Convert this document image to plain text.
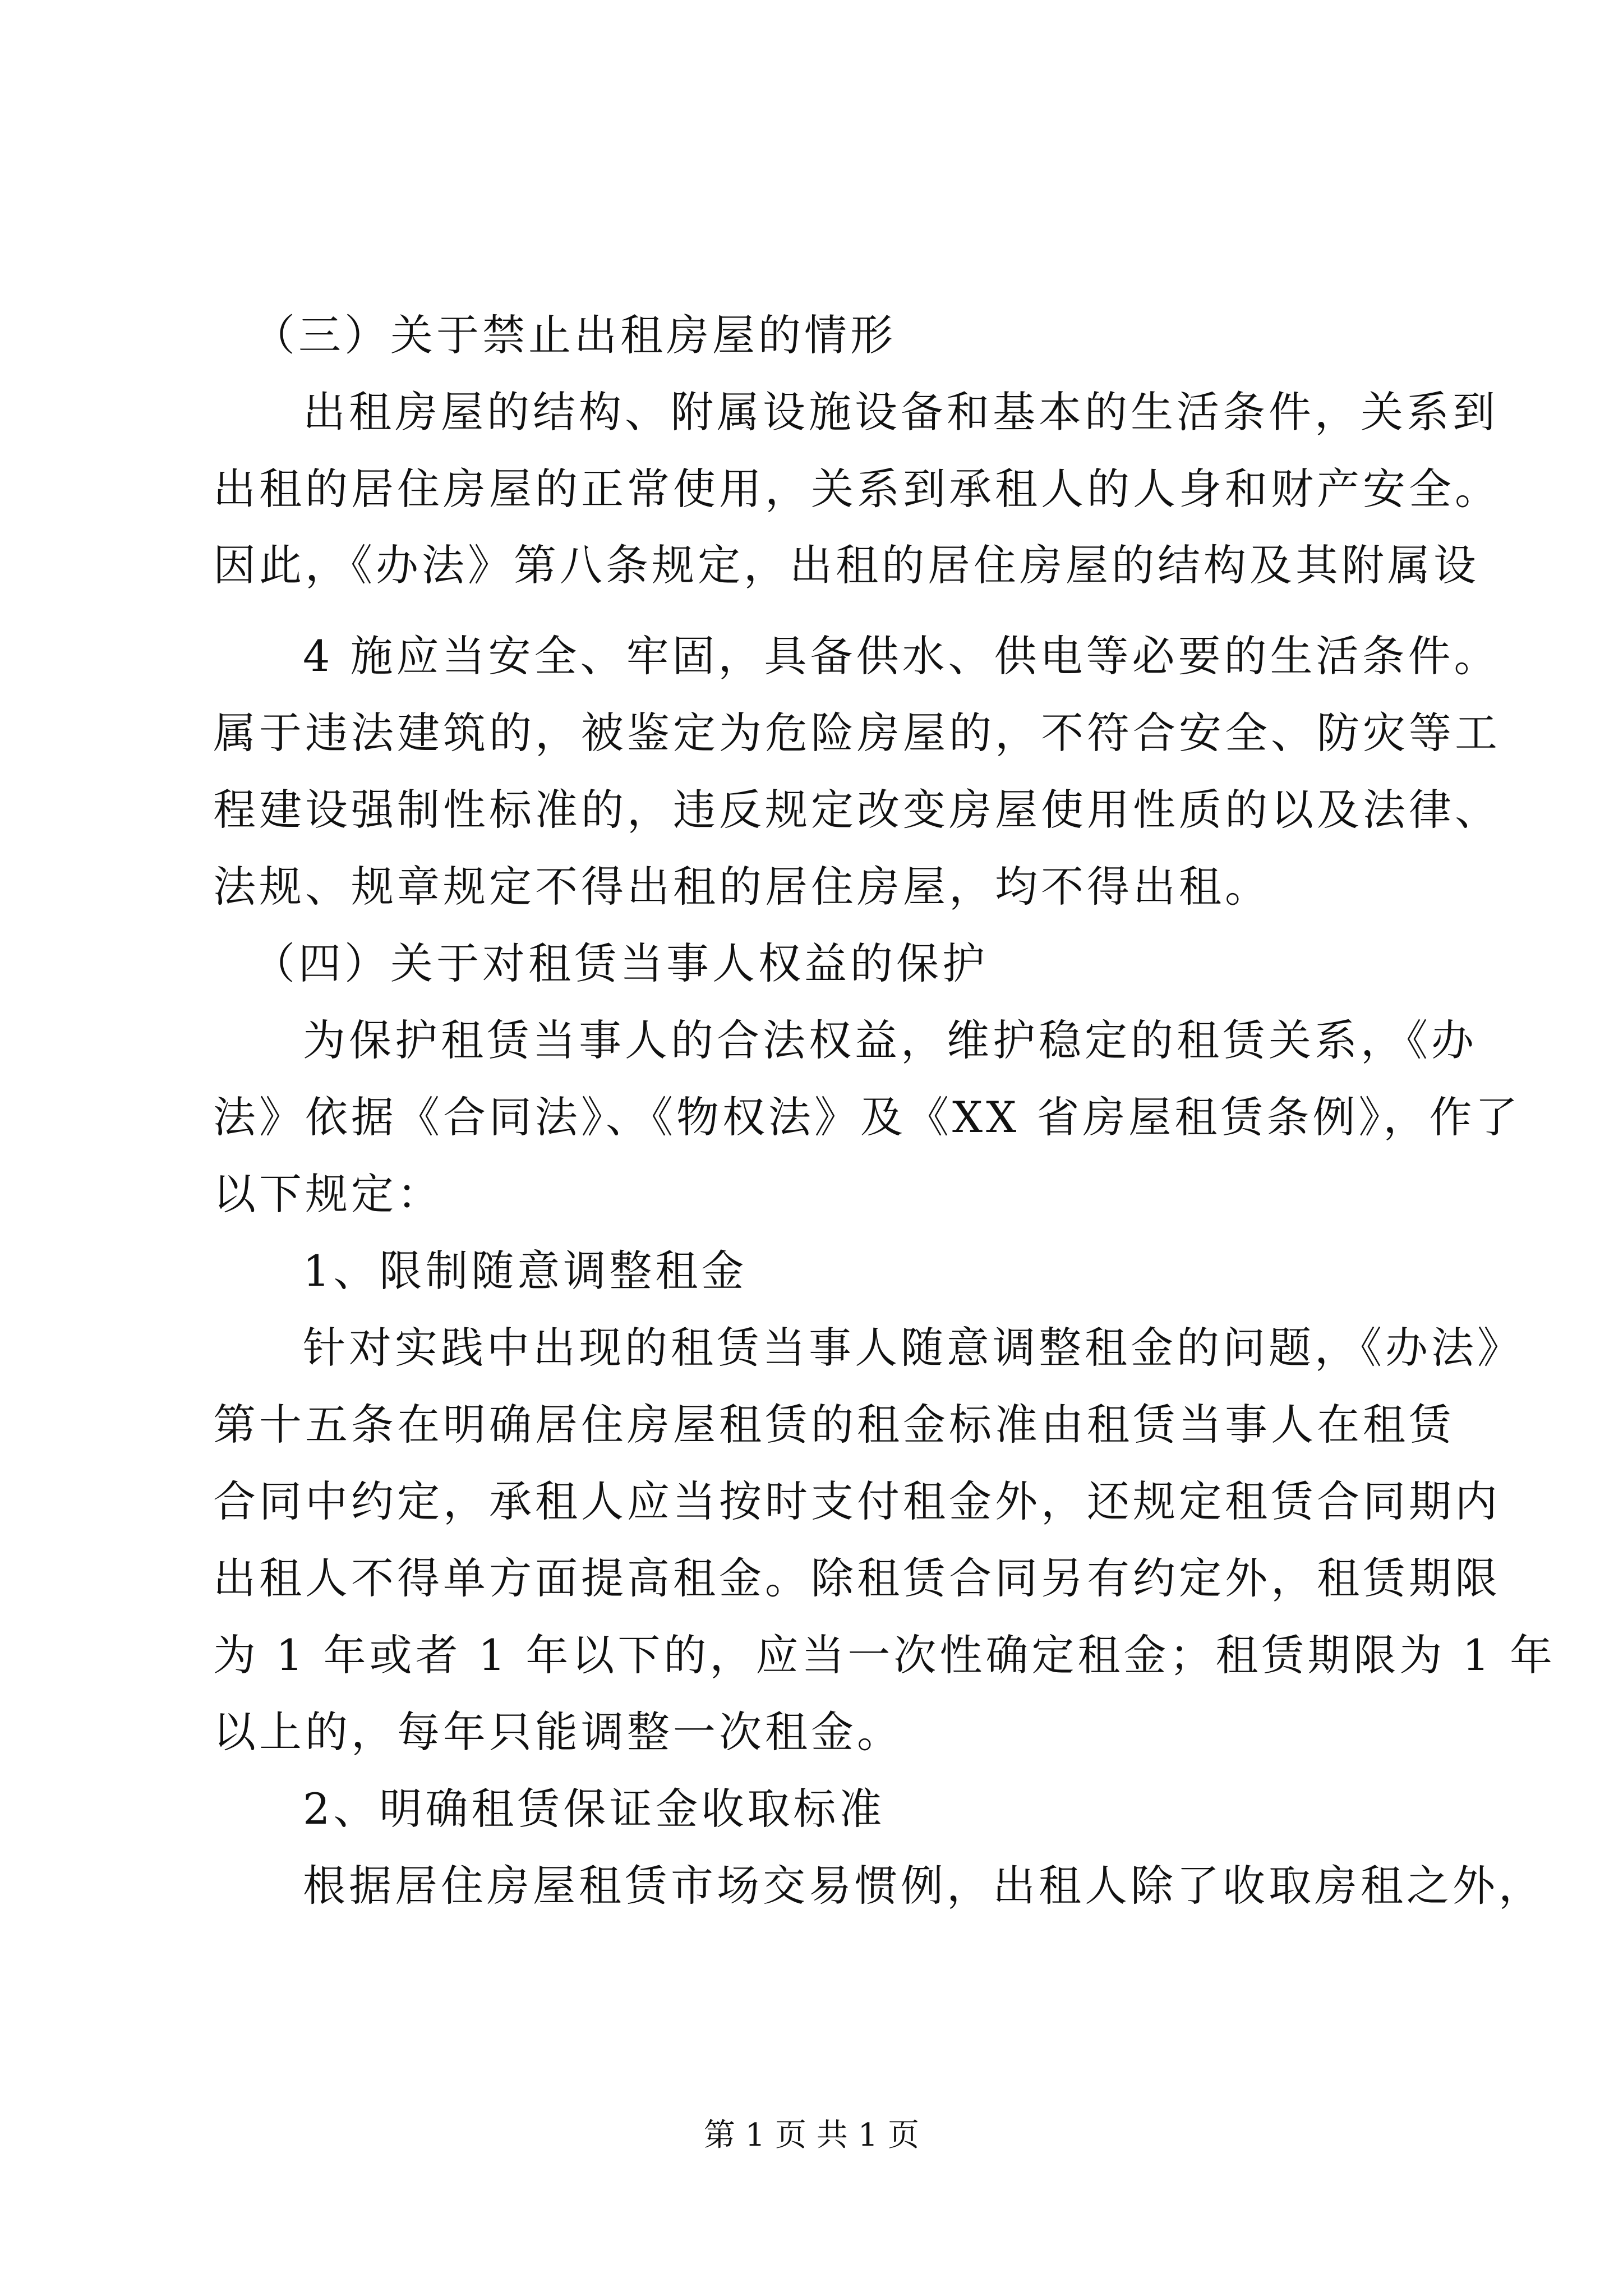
（三）关于禁止出租房屋的情形
出租房屋的结构、附属设施设备和基本的生活条件，关系到
出租的居住房屋的正常使用，关系到承租人的人身和财产安全。
因此，《办法》第八条规定，出租的居住房屋的结构及其附属设
4 施应当安全、牢固，具备供水、供电等必要的生活条件。
属于违法建筑的，被鉴定为危险房屋的，不符合安全、防灾等工
程建设强制性标准的，违反规定改变房屋使用性质的以及法律、
法规、规章规定不得出租的居住房屋，均不得出租。
（四）关于对租赁当事人权益的保护
为保护租赁当事人的合法权益，维护稳定的租赁关系，《办
法》依据《合同法》、《物权法》及《XX 省房屋租赁条例》，作了
以下规定：
1、限制随意调整租金
针对实践中出现的租赁当事人随意调整租金的问题，《办法》
第十五条在明确居住房屋租赁的租金标准由租赁当事人在租赁
合同中约定，承租人应当按时支付租金外，还规定租赁合同期内
出租人不得单方面提高租金。除租赁合同另有约定外，租赁期限
为 1 年或者 1 年以下的，应当一次性确定租金；租赁期限为 1 年
以上的，每年只能调整一次租金。
2、明确租赁保证金收取标准
根据居住房屋租赁市场交易惯例，出租人除了收取房租之外，
第 1 页 共 1 页
